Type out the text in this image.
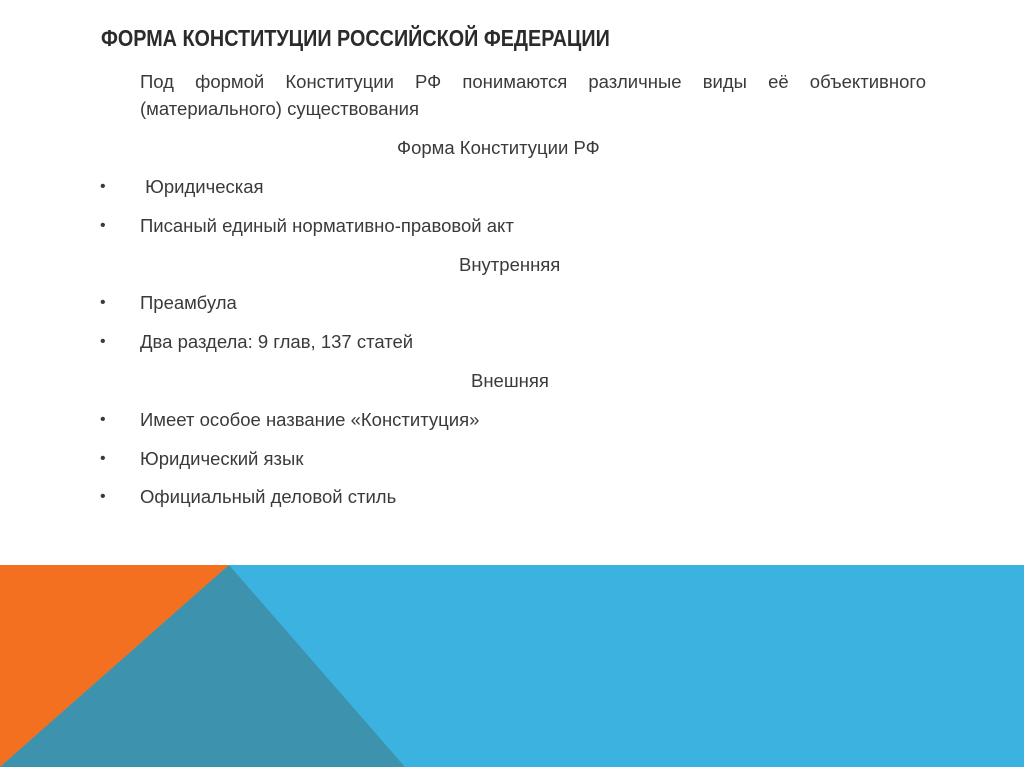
ФОРМА КОНСТИТУЦИИ РОССИЙСКОЙ ФЕДЕРАЦИИ
Под формой Конституции РФ понимаются различные виды её объективного (материального) существования
Форма Конституции РФ
• Юридическая
• Писаный единый нормативно-правовой акт
Внутренняя
• Преамбула
• Два раздела: 9 глав, 137 статей
Внешняя
• Имеет особое название «Конституция»
• Юридический язык
• Официальный деловой стиль
